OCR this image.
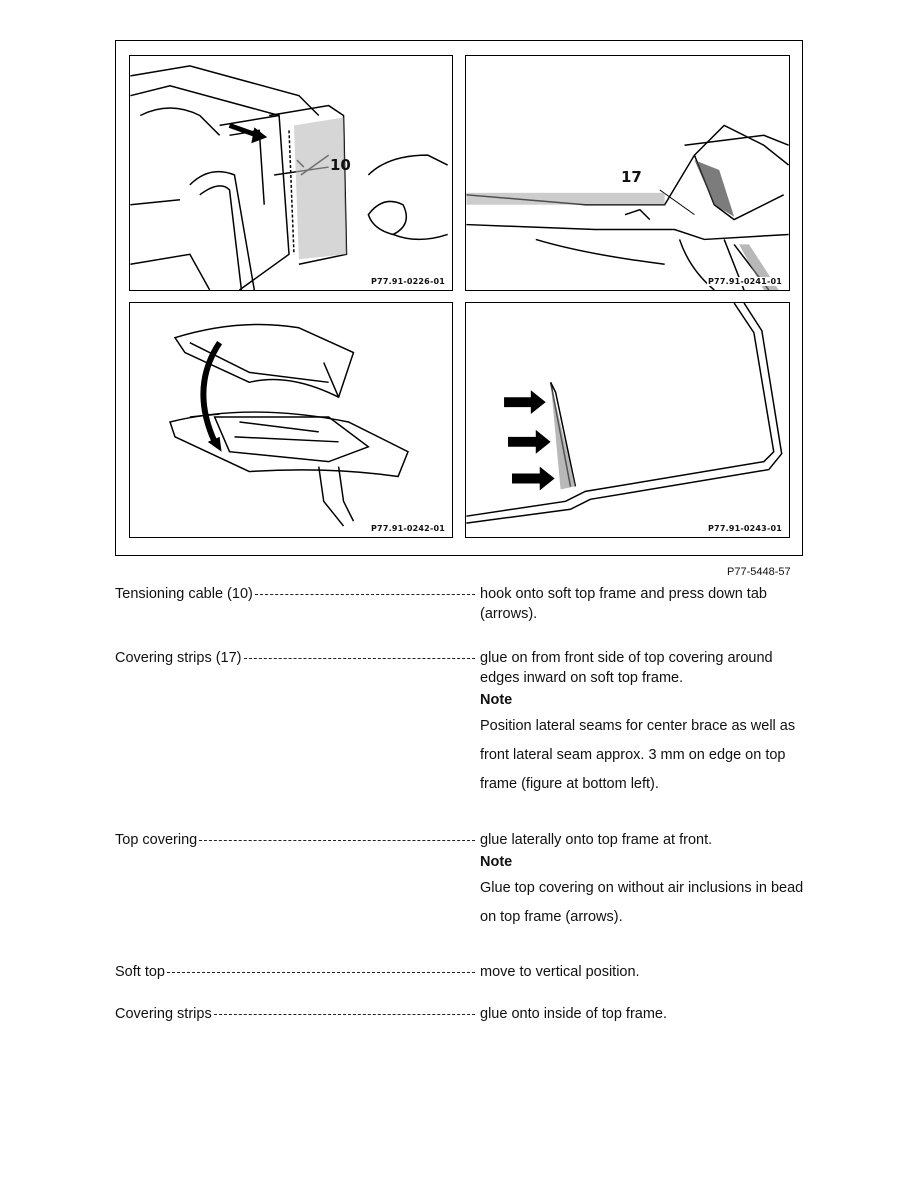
10
P77.91-0226-01
17
P77.91-0241-01
P77.91-0242-01	P77.91-0243-01
P77-5448-57
Tensioning cable (10)	hook onto soft top frame and press down tab (arrows).
Covering strips (17)	glue on from front side of top covering around edges inward on soft top frame.
Note
Position lateral seams for center brace as well as front lateral seam approx. 3 mm on edge on top frame (figure at bottom left).
Top covering	glue laterally onto top frame at front.
Note
Glue top covering on without air inclusions in bead on top frame (arrows).
Soft top	move to vertical position.
Covering strips	glue onto inside of top frame.
